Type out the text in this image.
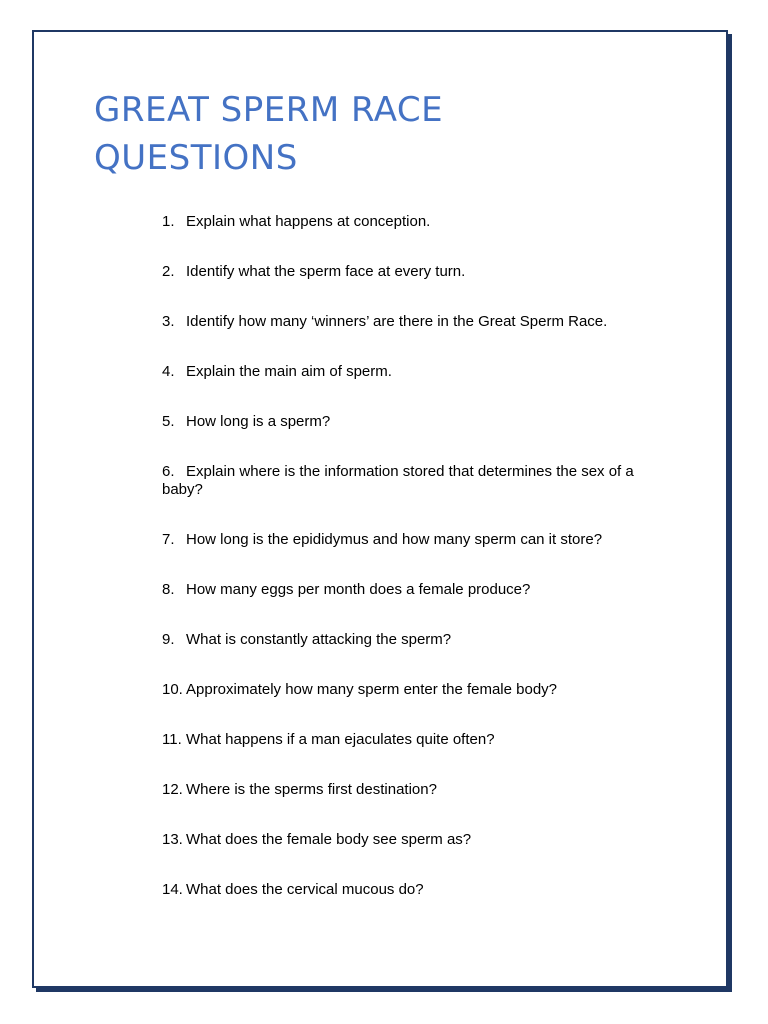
GREAT SPERM RACE QUESTIONS
1. Explain what happens at conception.
2. Identify what the sperm face at every turn.
3. Identify how many ‘winners’ are there in the Great Sperm Race.
4. Explain the main aim of sperm.
5. How long is a sperm?
6. Explain where is the information stored that determines the sex of a baby?
7. How long is the epididymus and how many sperm can it store?
8. How many eggs per month does a female produce?
9. What is constantly attacking the sperm?
10. Approximately how many sperm enter the female body?
11. What happens if a man ejaculates quite often?
12. Where is the sperms first destination?
13. What does the female body see sperm as?
14. What does the cervical mucous do?
